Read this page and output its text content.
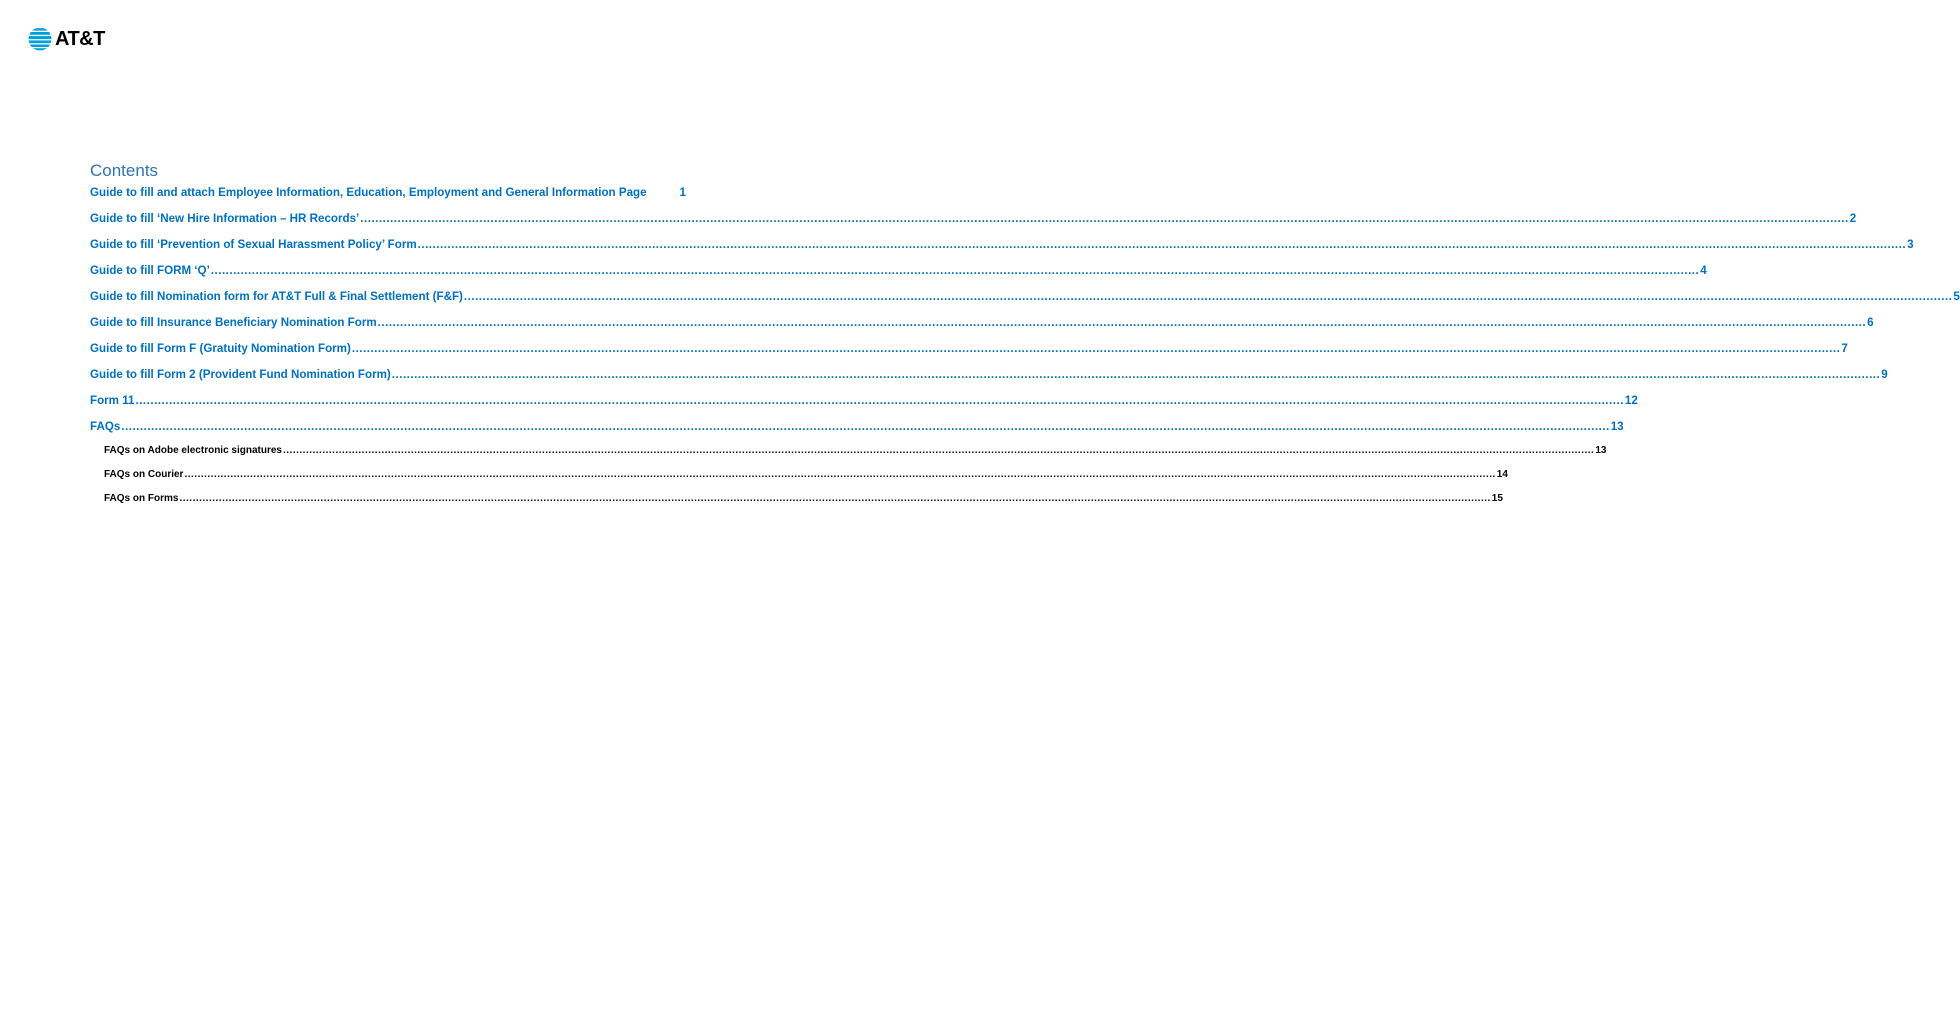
AT&T
Contents
Guide to fill and attach Employee Information, Education, Employment and General Information Page	1
Guide to fill ‘New Hire Information – HR Records’ ................................................................................................................................................................................................................................................................................................................................................................................................................ 2
Guide to fill ‘Prevention of Sexual Harassment Policy’ Form ................................................................................................................................................................................................................................................................................................................................................................................................................ 3
Guide to fill FORM ‘Q’ ................................................................................................................................................................................................................................................................................................................................................................................................................ 4
Guide to fill Nomination form for AT&T Full & Final Settlement (F&F) ................................................................................................................................................................................................................................................................................................................................................................................................................ 5
Guide to fill Insurance Beneficiary Nomination Form ................................................................................................................................................................................................................................................................................................................................................................................................................ 6
Guide to fill Form F (Gratuity Nomination Form) ................................................................................................................................................................................................................................................................................................................................................................................................................ 7
Guide to fill Form 2 (Provident Fund Nomination Form) ................................................................................................................................................................................................................................................................................................................................................................................................................ 9
Form 11 ................................................................................................................................................................................................................................................................................................................................................................................................................ 12
FAQs ................................................................................................................................................................................................................................................................................................................................................................................................................ 13
FAQs on Adobe electronic signatures ................................................................................................................................................................................................................................................................................................................................................................................................................ 13
FAQs on Courier ................................................................................................................................................................................................................................................................................................................................................................................................................ 14
FAQs on Forms ................................................................................................................................................................................................................................................................................................................................................................................................................ 15
